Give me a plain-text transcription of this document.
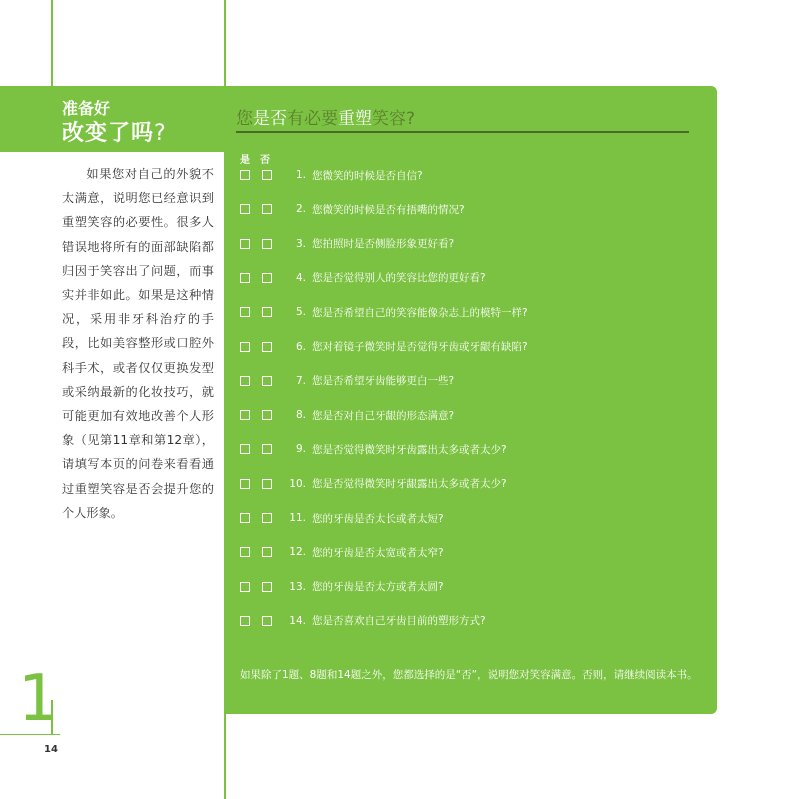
准备好
改变了吗?
如果您对自己的外貌不太满意，说明您已经意识到重塑笑容的必要性。很多人错误地将所有的面部缺陷都归因于笑容出了问题，而事实并非如此。如果是这种情况，采用非牙科治疗的手段，比如美容整形或口腔外科手术，或者仅仅更换发型或采纳最新的化妆技巧，就可能更加有效地改善个人形象（见第11章和第12章），请填写本页的问卷来看看通过重塑笑容是否会提升您的个人形象。
1
14
您是否有必要重塑笑容?
是 否
1. 您微笑的时候是否自信?
2. 您微笑的时候是否有捂嘴的情况?
3. 您拍照时是否侧脸形象更好看?
4. 您是否觉得别人的笑容比您的更好看?
5. 您是否希望自己的笑容能像杂志上的模特一样?
6. 您对着镜子微笑时是否觉得牙齿或牙龈有缺陷?
7. 您是否希望牙齿能够更白一些?
8. 您是否对自己牙龈的形态满意?
9. 您是否觉得微笑时牙齿露出太多或者太少?
10. 您是否觉得微笑时牙龈露出太多或者太少?
11. 您的牙齿是否太长或者太短?
12. 您的牙齿是否太宽或者太窄?
13. 您的牙齿是否太方或者太圆?
14. 您是否喜欢自己牙齿目前的塑形方式?
如果除了1题、8题和14题之外，您都选择的是“否”，说明您对笑容满意。否则，请继续阅读本书。
